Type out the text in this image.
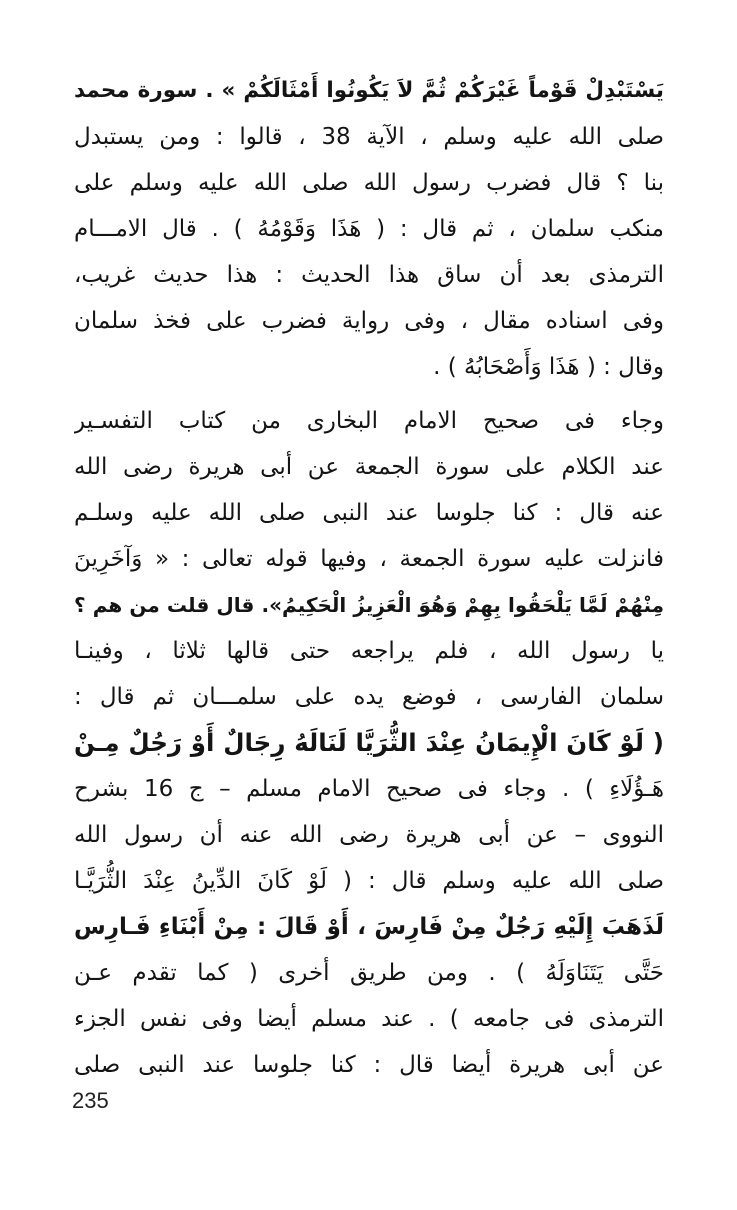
يَسْتَبْدِلْ قَوْماً غَيْرَكُمْ ثُمَّ لاَ يَكُونُوا أَمْثَالَكُمْ » . سورة محمد
صلى الله عليه وسلم ، الآية 38 ، قالوا : ومن يستبدل
بنا ؟ قال فضرب رسول الله صلى الله عليه وسلم على
منكب سلمان ، ثم قال : ( هَذَا وَقَوْمُهُ ) . قال الامـــام
الترمذى بعد أن ساق هذا الحديث : هذا حديث غريب،
وفى اسناده مقال ، وفى رواية فضرب على فخذ سلمان
وقال : ( هَذَا وَأَصْحَابُهُ ) .
وجاء فى صحيح الامام البخارى من كتاب التفسـير
عند الكلام على سورة الجمعة عن أبى هريرة رضى الله
عنه قال : كنا جلوسا عند النبى صلى الله عليه وسلـم
فانزلت عليه سورة الجمعة ، وفيها قوله تعالى : « وَآخَرِينَ
مِنْهُمْ لَمَّا يَلْحَقُوا بِهِمْ وَهُوَ الْعَزِيزُ الْحَكِيمُ». قال قلت من هم ؟
يا رسول الله ، فلم يراجعه حتى قالها ثلاثا ، وفينـا
سلمان الفارسى ، فوضع يده على سلمـــان ثم قال :
( لَوْ كَانَ الْإِيمَانُ عِنْدَ الثُّرَيَّا لَنَالَهُ رِجَالٌ أَوْ رَجُلٌ مِـنْ
هَـؤُلَاءِ ) . وجاء فى صحيح الامام مسلم – ج 16 بشرح
النووى – عن أبى هريرة رضى الله عنه أن رسول الله
صلى الله عليه وسلم قال : ( لَوْ كَانَ الدِّينُ عِنْدَ الثُّرَيَّـا
لَذَهَبَ إِلَيْهِ رَجُلٌ مِنْ فَارِسَ ، أَوْ قَالَ : مِنْ أَبْنَاءِ فَـارِس
حَتَّى يَتَنَاوَلَهُ ) . ومن طريق أخرى ( كما تقدم عـن
الترمذى فى جامعه ) . عند مسلم أيضا وفى نفس الجزء
عن أبى هريرة أيضا قال : كنا جلوسا عند النبى صلى
235
